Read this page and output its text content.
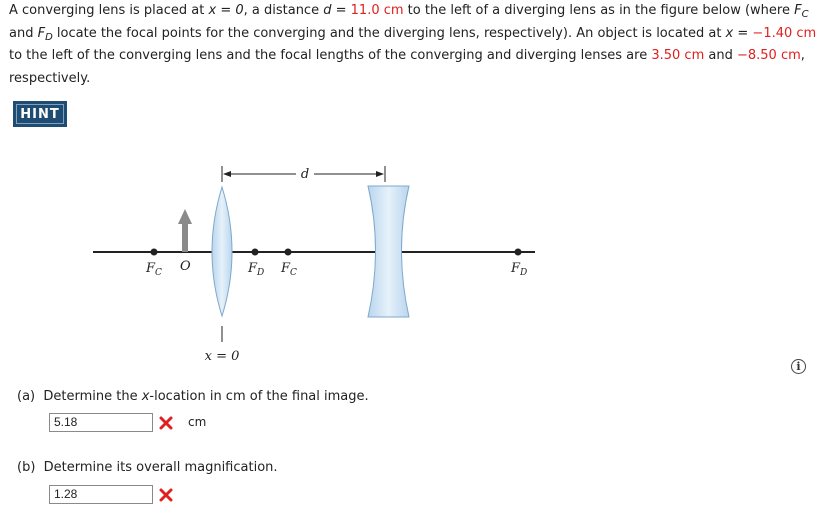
A converging lens is placed at x = 0, a distance d = 11.0 cm to the left of a diverging lens as in the figure below (where $F_C$ and $F_D$ locate the focal points for the converging and the diverging lens, respectively). An object is located at x = −1.40 cm to the left of the converging lens and the focal lengths of the converging and diverging lenses are 3.50 cm and −8.50 cm, respectively.
HINT
d
$F_C$ O	$F_D$ $F_C$	$F_D$
x = 0
i
(a)  Determine the x-location in cm of the final image.
5.18	cm
(b)  Determine its overall magnification.
1.28
